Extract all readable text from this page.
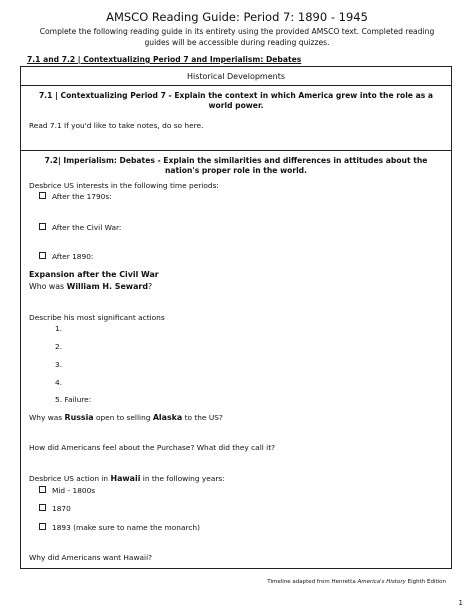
AMSCO Reading Guide: Period 7: 1890 - 1945
Complete the following reading guide in its entirety using the provided AMSCO text. Completed reading guides will be accessible during reading quizzes.
7.1 and 7.2 | Contextualizing Period 7 and Imperialism: Debates
Historical Developments
7.1 | Contextualizing Period 7 - Explain the context in which America grew into the role as a world power.
Read 7.1 If you'd like to take notes, do so here.
7.2| Imperialism: Debates - Explain the similarities and differences in attitudes about the nation's proper role in the world.
Desbrice US interests in the following time periods:
After the 1790s:
After the Civil War:
After 1890:
Expansion after the Civil War
Who was William H. Seward?
Describe his most significant actions
1.
2.
3.
4.
5. Failure:
Why was Russia open to selling Alaska to the US?
How did Americans feel about the Purchase? What did they call it?
Desbrice US action in Hawaii in the following years:
Mid - 1800s
1870
1893 (make sure to name the monarch)
Why did Americans want Hawaii?
Timeline adapted from Henretta America's History Eighth Edition
1
